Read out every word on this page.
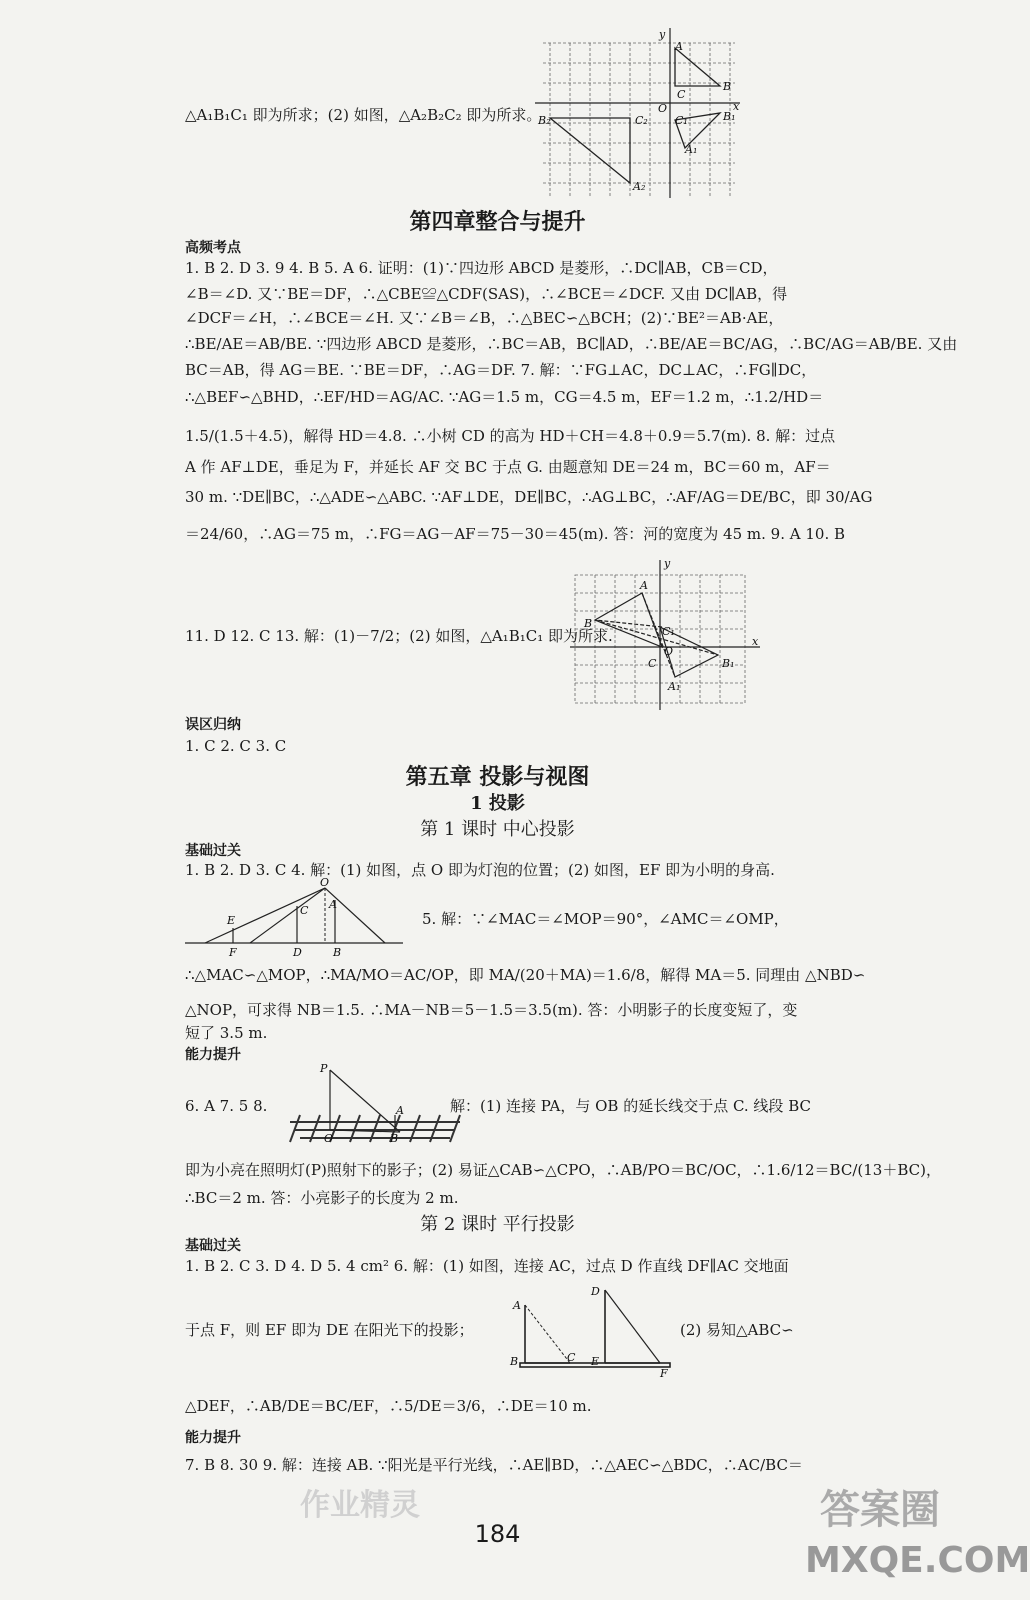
△A₁B₁C₁ 即为所求；(2) 如图，△A₂B₂C₂ 即为所求。
y
A
B
C
O	x
B₂	C₂ C₁	B₁
A₁
A₂
第四章整合与提升
高频考点
1. B 2. D 3. 9 4. B 5. A 6. 证明：(1)∵四边形 ABCD 是菱形，∴DC∥AB，CB＝CD，
∠B＝∠D. 又∵BE＝DF，∴△CBE≌△CDF(SAS)，∴∠BCE＝∠DCF. 又由 DC∥AB，得
∠DCF＝∠H，∴∠BCE＝∠H. 又∵∠B＝∠B，∴△BEC∽△BCH；(2)∵BE²＝AB·AE，
∴BE/AE＝AB/BE. ∵四边形 ABCD 是菱形，∴BC＝AB，BC∥AD，∴BE/AE＝BC/AG，∴BC/AG＝AB/BE. 又由
BC＝AB，得 AG＝BE. ∵BE＝DF，∴AG＝DF. 7. 解：∵FG⊥AC，DC⊥AC，∴FG∥DC，
∴△BEF∽△BHD，∴EF/HD＝AG/AC. ∵AG＝1.5 m，CG＝4.5 m，EF＝1.2 m，∴1.2/HD＝
1.5/(1.5＋4.5)，解得 HD＝4.8. ∴小树 CD 的高为 HD＋CH＝4.8＋0.9＝5.7(m). 8. 解：过点
A 作 AF⊥DE，垂足为 F，并延长 AF 交 BC 于点 G. 由题意知 DE＝24 m，BC＝60 m，AF＝
30 m. ∵DE∥BC，∴△ADE∽△ABC. ∵AF⊥DE，DE∥BC，∴AG⊥BC，∴AF/AG＝DE/BC，即 30/AG
＝24/60，∴AG＝75 m，∴FG＝AG－AF＝75－30＝45(m). 答：河的宽度为 45 m. 9. A 10. B
y
A
C₁
B
O
C	B₁
A₁
x
11. D 12. C 13. 解：(1)－7/2；(2) 如图，△A₁B₁C₁ 即为所求.
误区归纳
1. C 2. C 3. C
第五章 投影与视图
1 投影
第 1 课时 中心投影
基础过关
1. B 2. D 3. C 4. 解：(1) 如图，点 O 即为灯泡的位置；(2) 如图，EF 即为小明的身高.
O
E
C A
F	D	B
5. 解：∵∠MAC＝∠MOP＝90°，∠AMC＝∠OMP，
∴△MAC∽△MOP，∴MA/MO＝AC/OP，即 MA/(20＋MA)＝1.6/8，解得 MA＝5. 同理由 △NBD∽
△NOP，可求得 NB＝1.5. ∴MA－NB＝5－1.5＝3.5(m). 答：小明影子的长度变短了，变
短了 3.5 m.
能力提升
6. A 7. 5 8.
P
A
O	B
解：(1) 连接 PA，与 OB 的延长线交于点 C. 线段 BC
即为小亮在照明灯(P)照射下的影子；(2) 易证△CAB∽△CPO，∴AB/PO＝BC/OC，∴1.6/12＝BC/(13＋BC)，
∴BC＝2 m. 答：小亮影子的长度为 2 m.
第 2 课时 平行投影
基础过关
1. B 2. C 3. D 4. D 5. 4 cm² 6. 解：(1) 如图，连接 AC，过点 D 作直线 DF∥AC 交地面
于点 F，则 EF 即为 DE 在阳光下的投影；
A
D
B	C E
F
(2) 易知△ABC∽
△DEF，∴AB/DE＝BC/EF，∴5/DE＝3/6，∴DE＝10 m.
能力提升
7. B 8. 30 9. 解：连接 AB. ∵阳光是平行光线，∴AE∥BD，∴△AEC∽△BDC，∴AC/BC＝
184
作业精灵	答案圈
MXQE.COM
